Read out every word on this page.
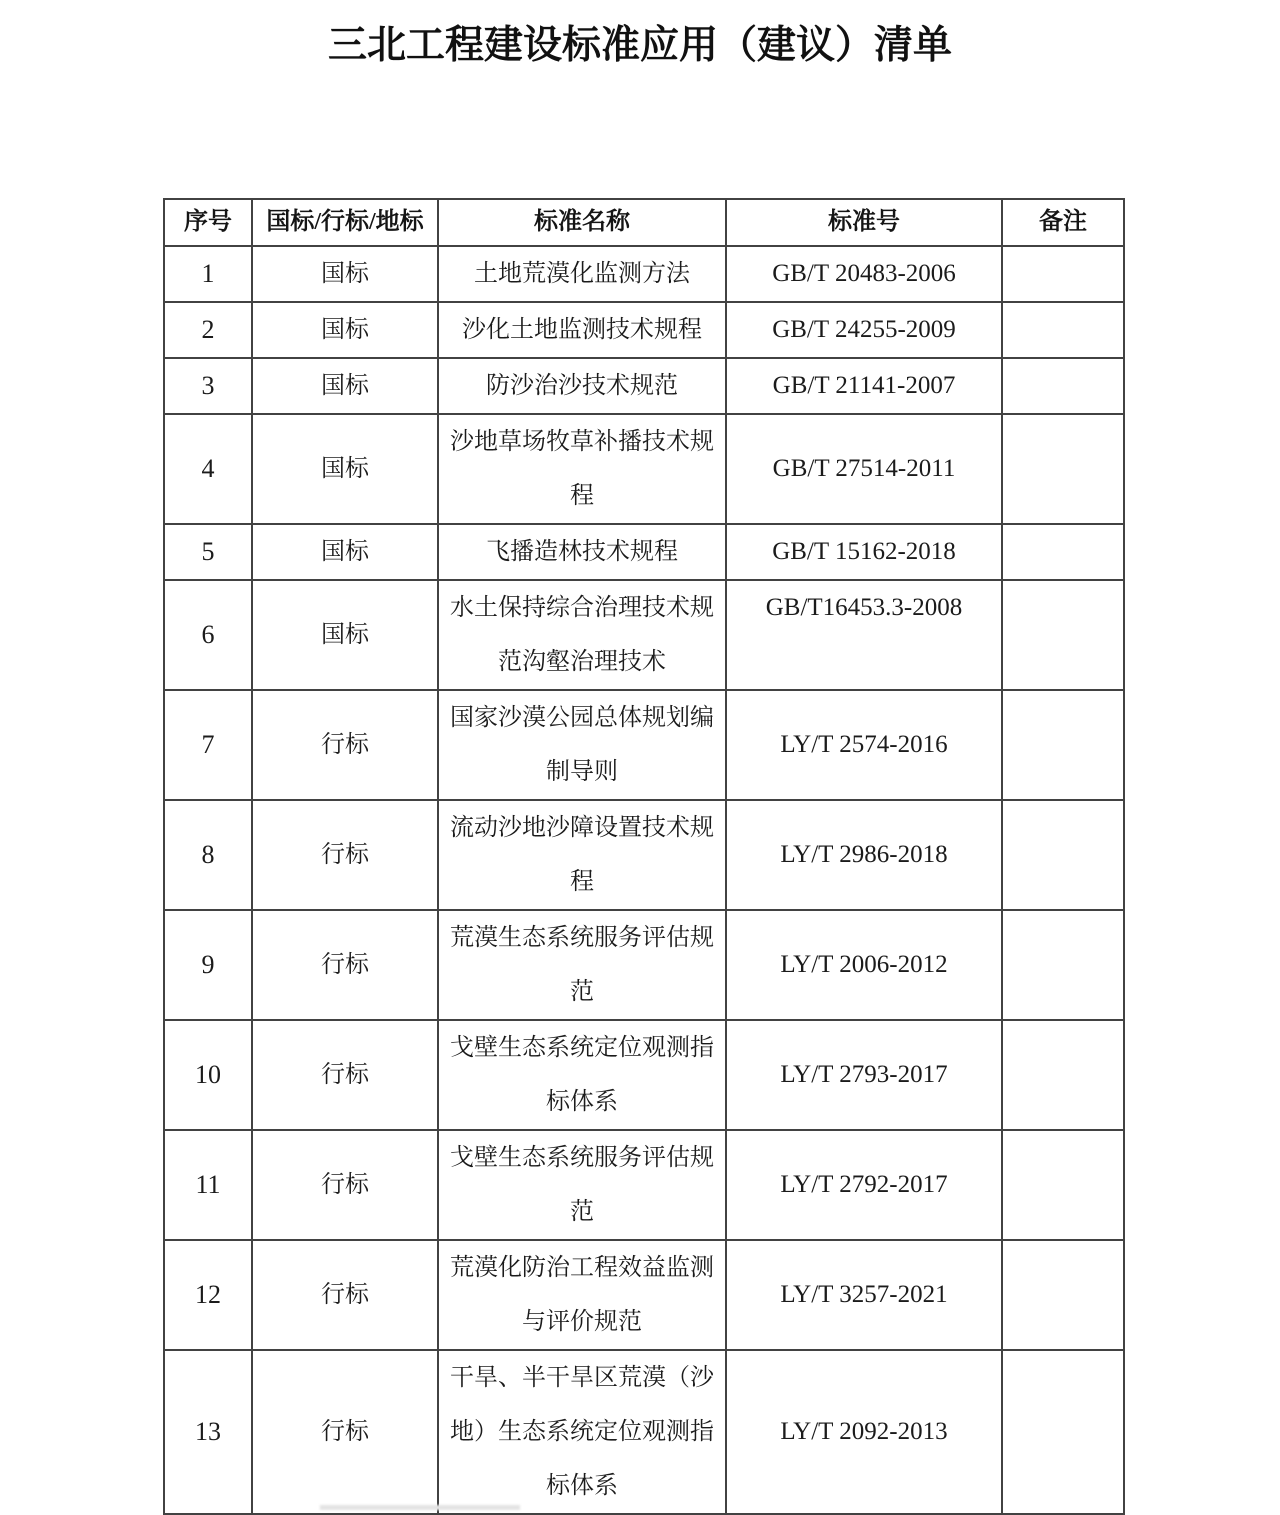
三北工程建设标准应用（建议）清单
序号	国标/行标/地标	标准名称	标准号	备注
1	国标	土地荒漠化监测方法	GB/T 20483-2006	
2	国标	沙化土地监测技术规程	GB/T 24255-2009	
3	国标	防沙治沙技术规范	GB/T 21141-2007	
4	国标	沙地草场牧草补播技术规程	GB/T 27514-2011	
5	国标	飞播造林技术规程	GB/T 15162-2018	
6	国标	水土保持综合治理技术规范沟壑治理技术	GB/T16453.3-2008	
7	行标	国家沙漠公园总体规划编制导则	LY/T 2574-2016	
8	行标	流动沙地沙障设置技术规程	LY/T 2986-2018	
9	行标	荒漠生态系统服务评估规范	LY/T 2006-2012	
10	行标	戈壁生态系统定位观测指标体系	LY/T 2793-2017	
11	行标	戈壁生态系统服务评估规范	LY/T 2792-2017	
12	行标	荒漠化防治工程效益监测与评价规范	LY/T 3257-2021	
13	行标	干旱、半干旱区荒漠（沙地）生态系统定位观测指标体系	LY/T 2092-2013	
